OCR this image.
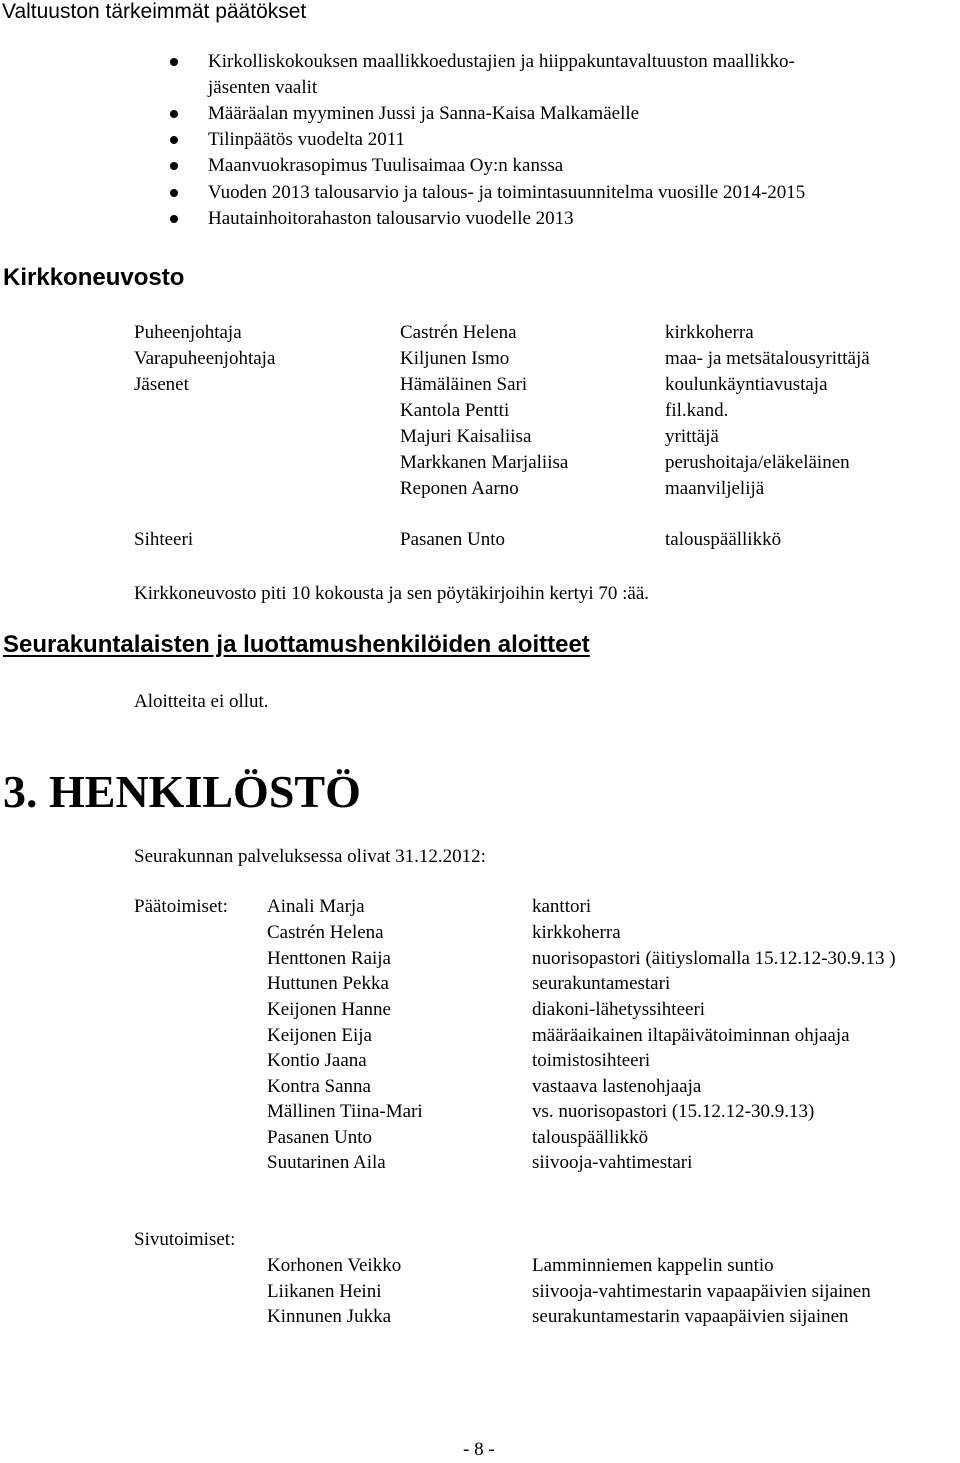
Valtuuston tärkeimmät päätökset
Kirkolliskokouksen maallikkoedustajien ja hiippakuntavaltuuston maallikko-
jäsenten vaalit
Määräalan myyminen Jussi ja Sanna-Kaisa Malkamäelle
Tilinpäätös vuodelta 2011
Maanvuokrasopimus Tuulisaimaa Oy:n kanssa
Vuoden 2013 talousarvio ja talous- ja toimintasuunnitelma vuosille 2014-2015
Hautainhoitorahaston talousarvio vuodelle 2013
Kirkkoneuvosto
Puheenjohtaja	Castrén Helena	kirkkoherra
Varapuheenjohtaja	Kiljunen Ismo	maa- ja metsätalousyrittäjä
Jäsenet	Hämäläinen Sari	koulunkäyntiavustaja
Kantola Pentti	fil.kand.
Majuri Kaisaliisa	yrittäjä
Markkanen Marjaliisa	perushoitaja/eläkeläinen
Reponen Aarno	maanviljelijä
Sihteeri	Pasanen Unto	talouspäällikkö
Kirkkoneuvosto piti 10 kokousta ja sen pöytäkirjoihin kertyi 70 :ää.
Seurakuntalaisten ja luottamushenkilöiden aloitteet
Aloitteita ei ollut.
3. HENKILÖSTÖ
Seurakunnan palveluksessa olivat 31.12.2012:
Päätoimiset: Ainali Marja	kanttori
Castrén Helena	kirkkoherra
Henttonen Raija	nuorisopastori (äitiyslomalla 15.12.12-30.9.13 )
Huttunen Pekka	seurakuntamestari
Keijonen Hanne	diakoni-lähetyssihteeri
Keijonen Eija	määräaikainen iltapäivätoiminnan ohjaaja
Kontio Jaana	toimistosihteeri
Kontra Sanna	vastaava lastenohjaaja
Mällinen Tiina-Mari	vs. nuorisopastori (15.12.12-30.9.13)
Pasanen Unto	talouspäällikkö
Suutarinen Aila	siivooja-vahtimestari
Sivutoimiset:
Korhonen Veikko	Lamminniemen kappelin suntio
Liikanen Heini	siivooja-vahtimestarin vapaapäivien sijainen
Kinnunen Jukka	seurakuntamestarin vapaapäivien sijainen
- 8 -
